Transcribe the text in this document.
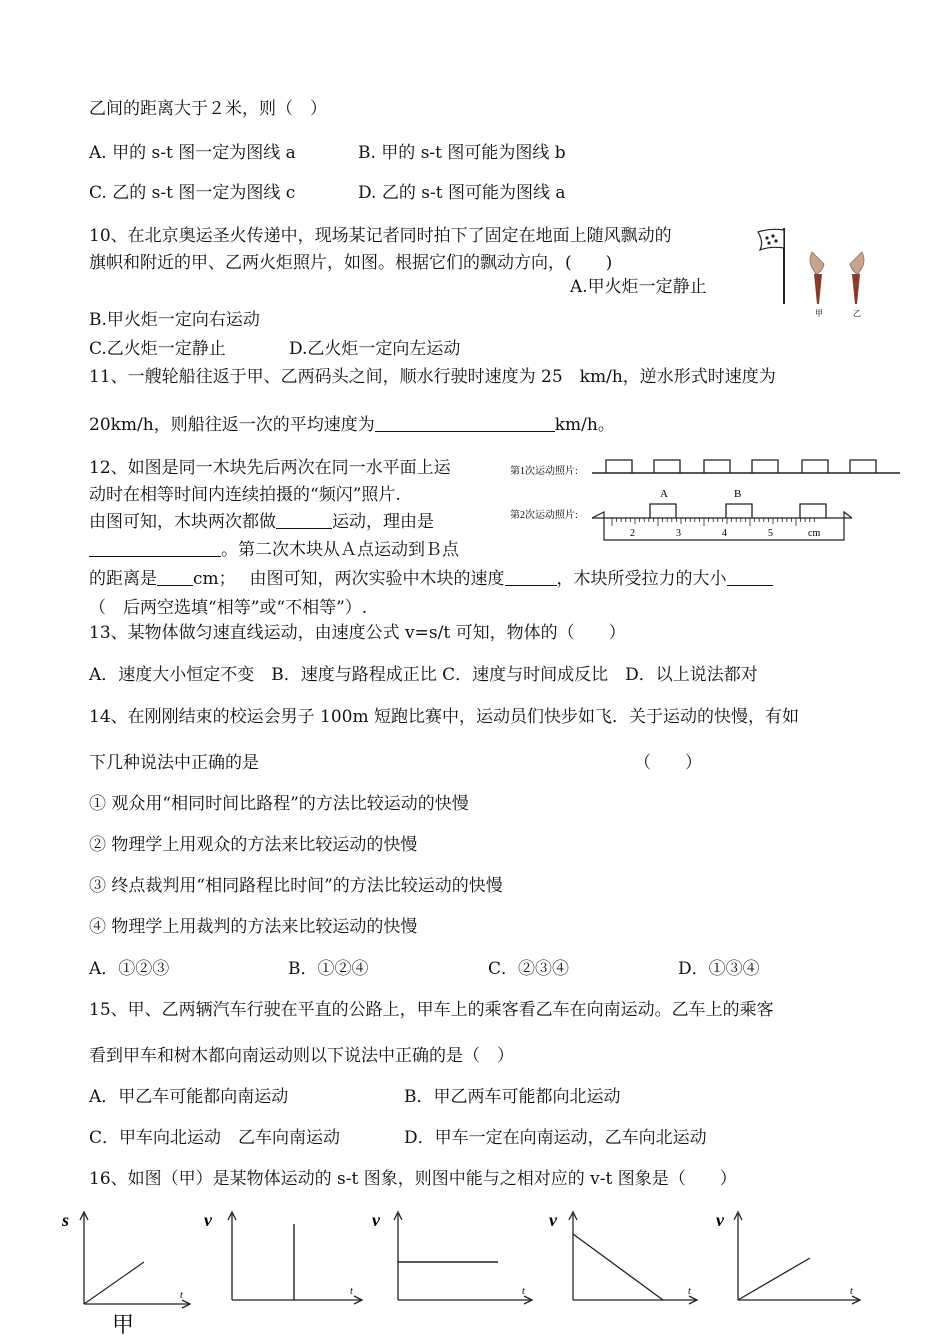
乙间的距离大于２米，则（　）
A. 甲的 s-t 图一定为图线 a	B. 甲的 s-t 图可能为图线 b
C. 乙的 s-t 图一定为图线 c	D. 乙的 s-t 图可能为图线 a
10、在北京奥运圣火传递中，现场某记者同时拍下了固定在地面上随风飘动的
旗帜和附近的甲、乙两火炬照片，如图。根据它们的飘动方向，(　　)
A.甲火炬一定静止
B.甲火炬一定向右运动
C.乙火炬一定静止	D.乙火炬一定向左运动
甲	乙
11、一艘轮船往返于甲、乙两码头之间，顺水行驶时速度为 25　km/h，逆水形式时速度为
20km/h，则船往返一次的平均速度为	km/h。
12、如图是同一木块先后两次在同一水平面上运
动时在相等时间内连续拍摄的“频闪”照片.
由图可知，木块两次都做	运动，理由是
。第二次木块从Ａ点运动到Ｂ点
的距离是 cm；　 由图可知，两次实验中木块的速度	，木块所受拉力的大小
（　后两空选填“相等”或“不相等”）.
第1次运动照片:
第2次运动照片:
A	B
2	3	4	5	cm
13、某物体做匀速直线运动，由速度公式 v=s/t 可知，物体的（　　）
A．速度大小恒定不变　B．速度与路程成正比 C．速度与时间成反比　D．以上说法都对
14、在刚刚结束的校运会男子 100m 短跑比赛中，运动员们快步如飞．关于运动的快慢，有如
下几种说法中正确的是	（　　）
① 观众用“相同时间比路程”的方法比较运动的快慢
② 物理学上用观众的方法来比较运动的快慢
③ 终点裁判用“相同路程比时间”的方法比较运动的快慢
④ 物理学上用裁判的方法来比较运动的快慢
A．①②③	B．①②④	C．②③④	D．①③④
15、甲、乙两辆汽车行驶在平直的公路上，甲车上的乘客看乙车在向南运动。乙车上的乘客
看到甲车和树木都向南运动则以下说法中正确的是（　）
A．甲乙车可能都向南运动	B．甲乙两车可能都向北运动
C．甲车向北运动　乙车向南运动	D．甲车一定在向南运动，乙车向北运动
16、如图（甲）是某物体运动的 s-t 图象，则图中能与之相对应的 v-t 图象是（　　）
s
t
甲
v
t
v
t
v
t
v
t
